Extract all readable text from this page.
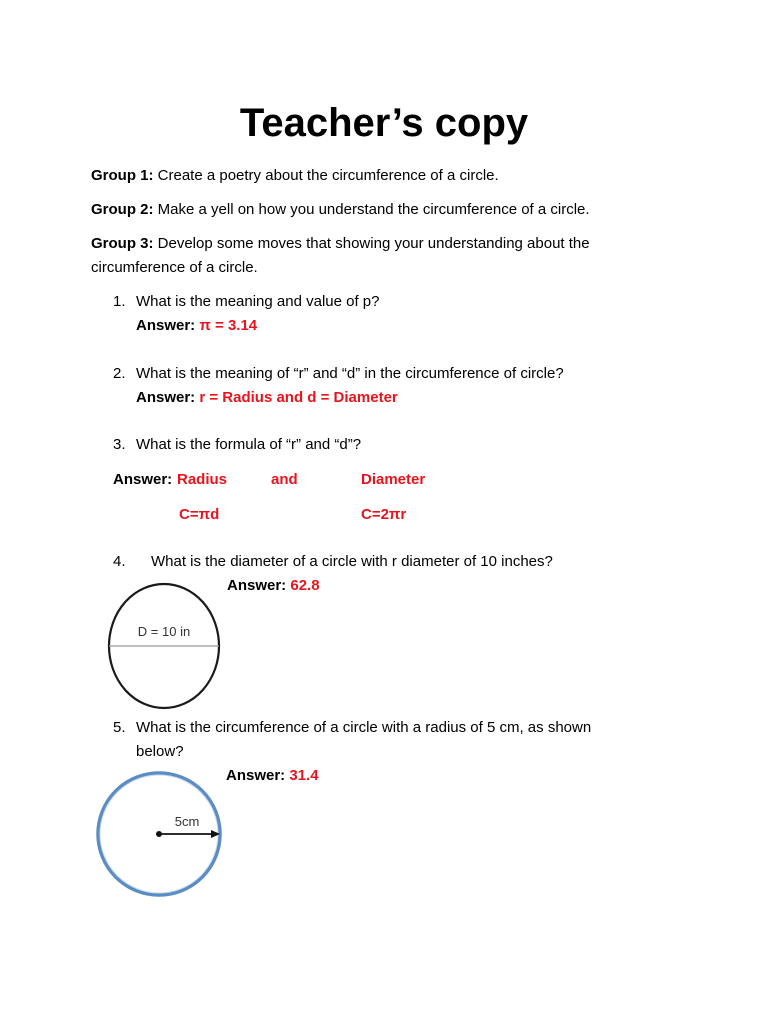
Teacher’s copy
Group 1: Create a poetry about the circumference of a circle.
Group 2: Make a yell on how you understand the circumference of a circle.
Group 3: Develop some moves that showing your understanding about the circumference of a circle.
1. What is the meaning and value of p?
Answer: π = 3.14
2. What is the meaning of “r” and “d” in the circumference of circle?
Answer: r = Radius and d = Diameter
3. What is the formula of “r” and “d”?
Answer: Radius	and	Diameter
C=πd	C=2πr
4. What is the diameter of a circle with r diameter of 10 inches?
Answer: 62.8
D = 10 in
5. What is the circumference of a circle with a radius of 5 cm, as shown
below?
Answer: 31.4
5cm
